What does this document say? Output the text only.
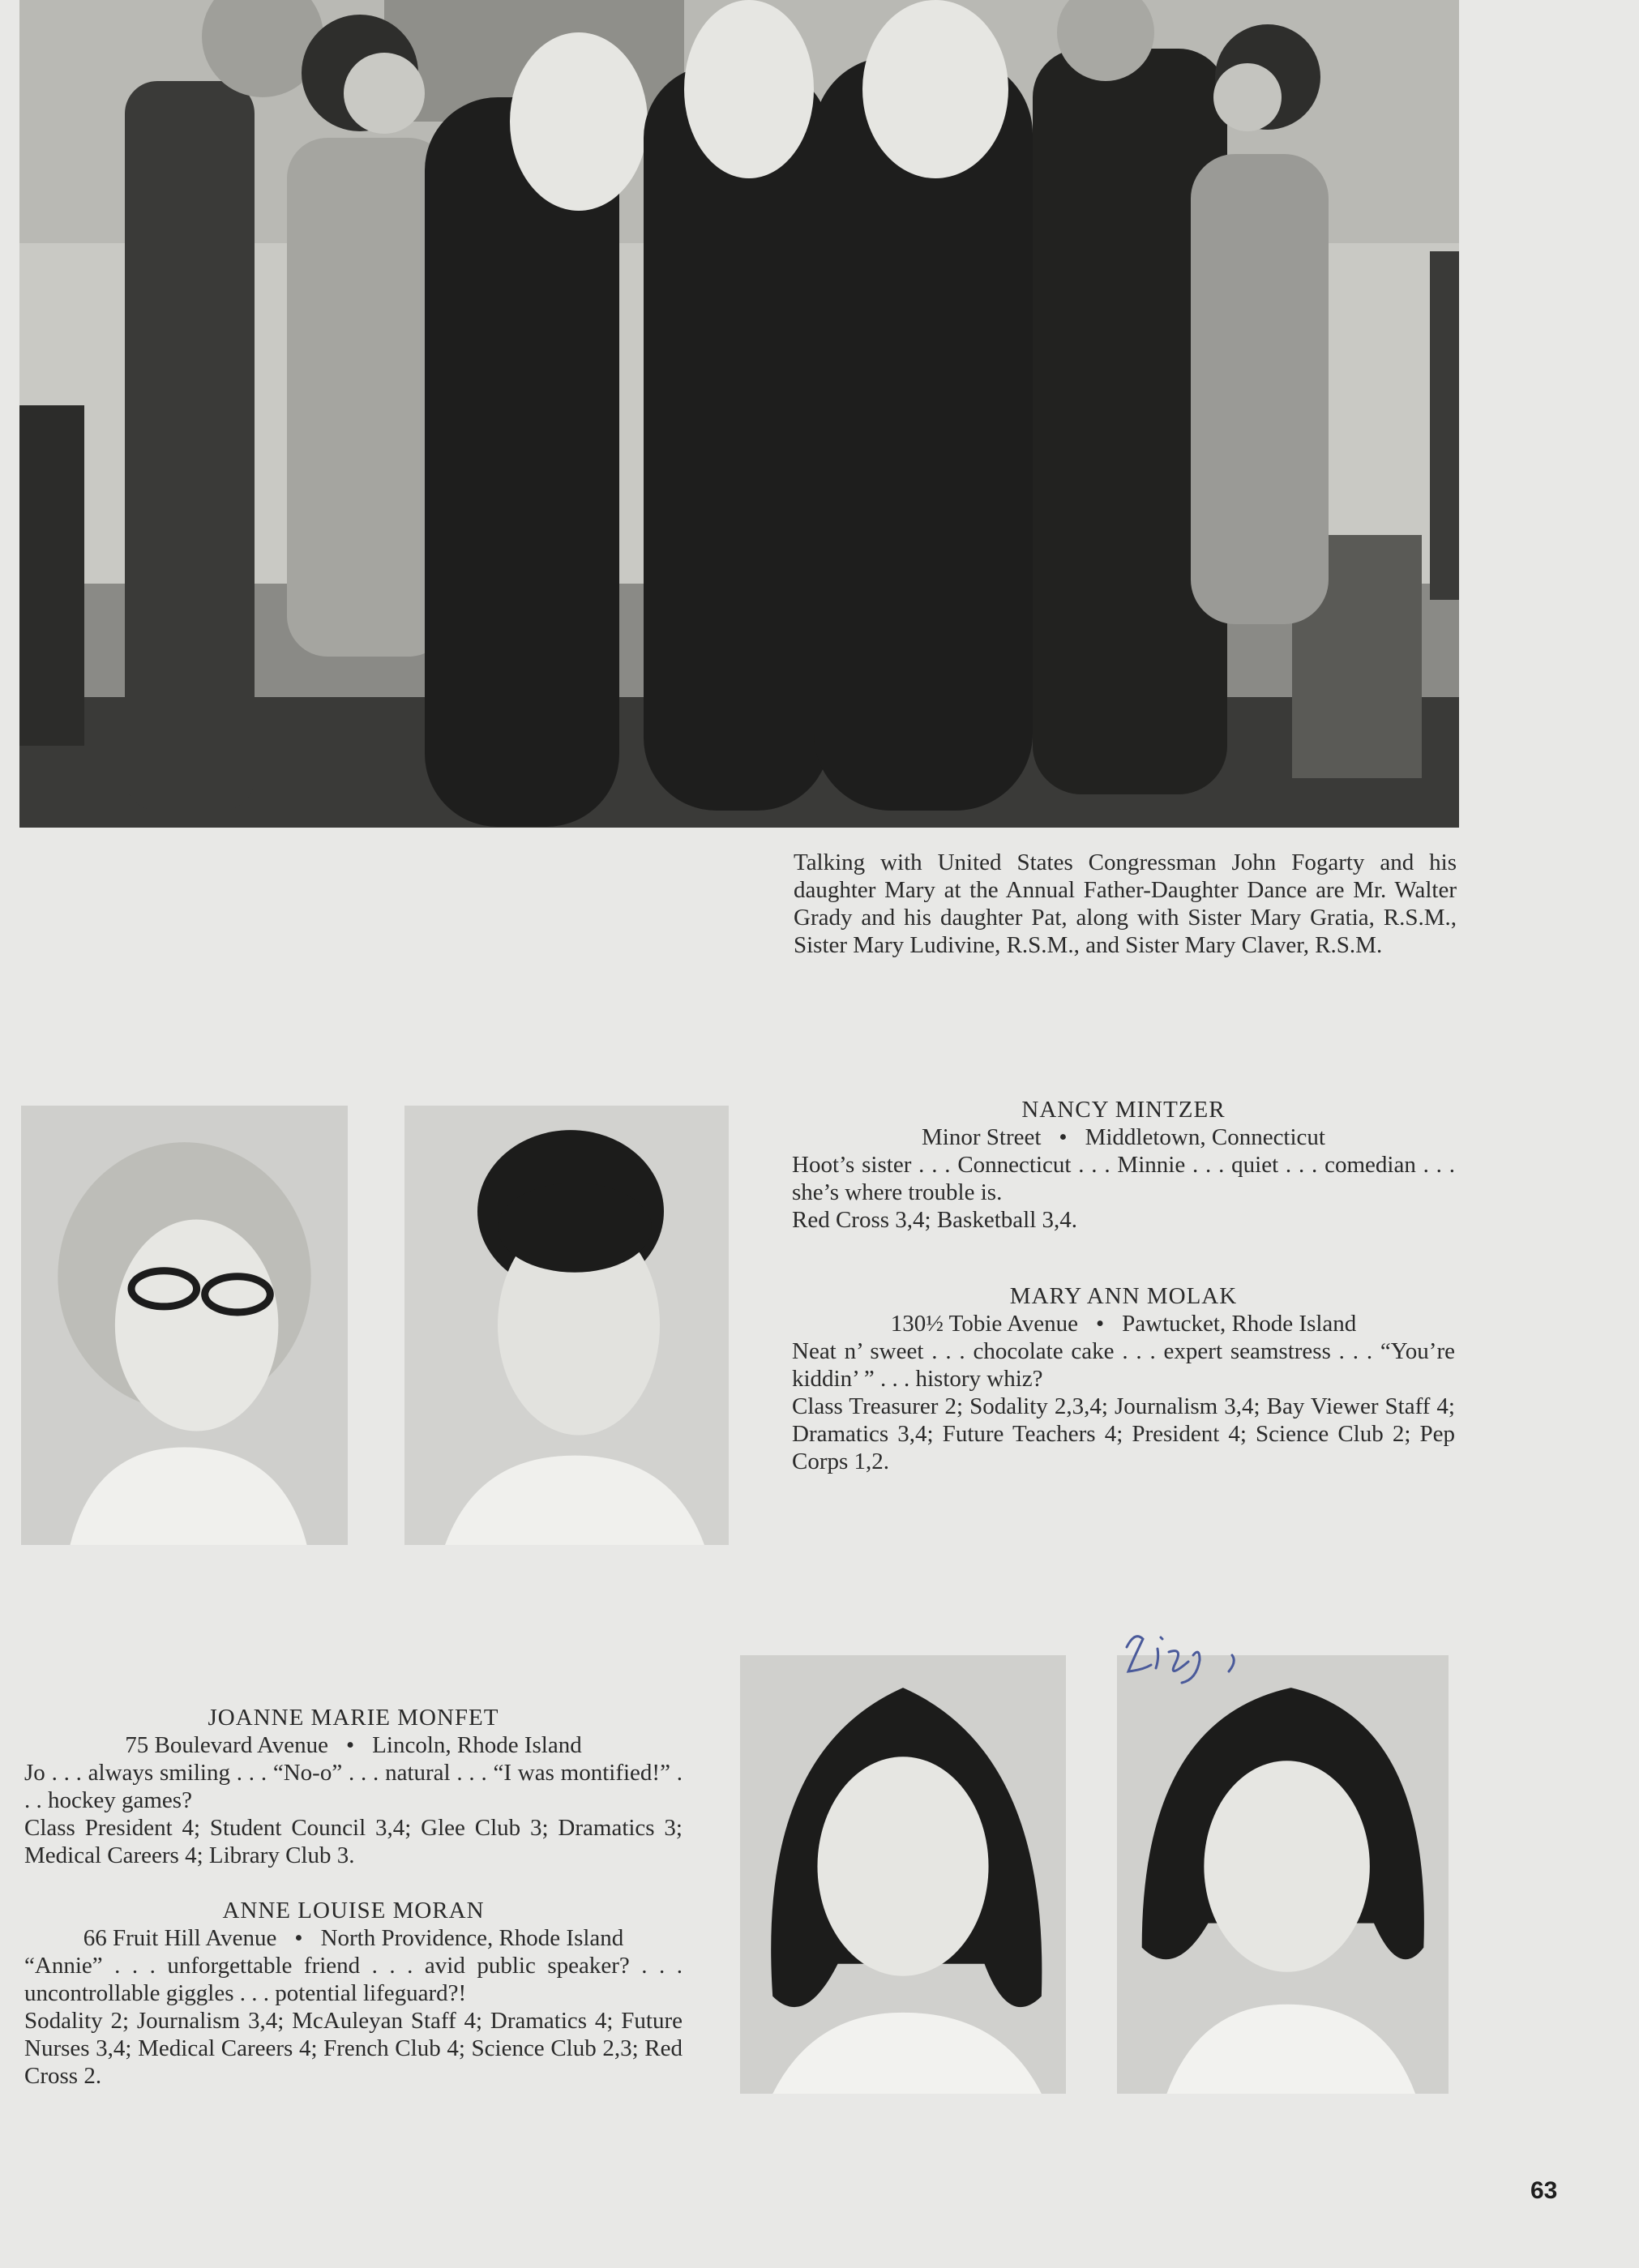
Talking with United States Congressman John Fogarty and his daughter Mary at the Annual Father-Daughter Dance are Mr. Walter Grady and his daughter Pat, along with Sister Mary Gratia, R.S.M., Sister Mary Ludivine, R.S.M., and Sister Mary Claver, R.S.M.

NANCY MINTZER

Minor Street • Middletown, Connecticut

Hoot’s sister . . . Connecticut . . . Minnie . . . quiet . . . comedian . . . she’s where trouble is.

Red Cross 3,4; Basketball 3,4.

MARY ANN MOLAK

130½ Tobie Avenue • Pawtucket, Rhode Island

Neat n’ sweet . . . chocolate cake . . . expert seamstress . . . “You’re kiddin’ ” . . . history whiz?

Class Treasurer 2; Sodality 2,3,4; Journalism 3,4; Bay Viewer Staff 4; Dramatics 3,4; Future Teachers 4; President 4; Science Club 2; Pep Corps 1,2.

JOANNE MARIE MONFET

75 Boulevard Avenue • Lincoln, Rhode Island

Jo . . . always smiling . . . “No-o” . . . natural . . . “I was montified!” . . . hockey games?

Class President 4; Student Council 3,4; Glee Club 3; Dramatics 3; Medical Careers 4; Library Club 3.

ANNE LOUISE MORAN

66 Fruit Hill Avenue • North Providence, Rhode Island

“Annie” . . . unforgettable friend . . . avid public speaker? . . . uncontrollable giggles . . . potential lifeguard?!

Sodality 2; Journalism 3,4; McAuleyan Staff 4; Dramatics 4; Future Nurses 3,4; Medical Careers 4; French Club 4; Science Club 2,3; Red Cross 2.

63
